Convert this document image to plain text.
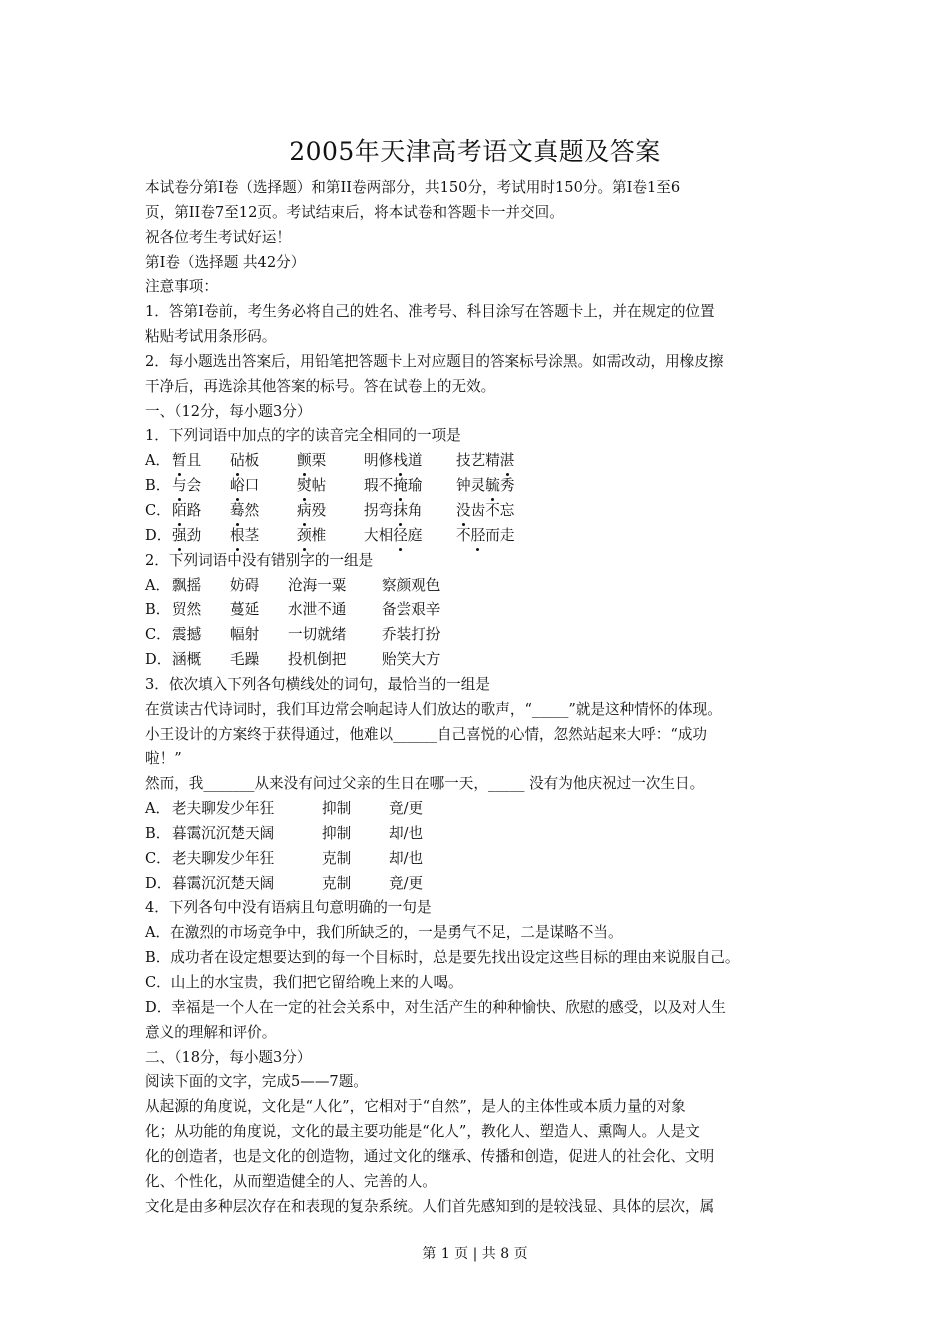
2005年天津高考语文真题及答案

本试卷分第Ⅰ卷（选择题）和第II卷两部分，共150分，考试用时150分。第Ⅰ卷1至6

页，第II卷7至12页。考试结束后，将本试卷和答题卡一并交回。

祝各位考生考试好运！

第Ⅰ卷（选择题 共42分）

注意事项：

1．答第Ⅰ卷前，考生务必将自己的姓名、准考号、科目涂写在答题卡上，并在规定的位置

粘贴考试用条形码。

2．每小题选出答案后，用铅笔把答题卡上对应题目的答案标号涂黑。如需改动，用橡皮擦

干净后，再选涂其他答案的标号。答在试卷上的无效。

一、（12分，每小题3分）

1．下列词语中加点的字的读音完全相同的一项是

A． 暂且	砧板	颤栗	明修栈道	技艺精湛

B． 与会	峪口	熨帖	瑕不掩瑜	钟灵毓秀

C． 陌路	蓦然	病殁	拐弯抹角	没齿不忘

D． 强劲	根茎	颈椎	大相径庭	不胫而走

2．下列词语中没有错别字的一组是

A． 飘摇	妨碍	沧海一粟	察颜观色

B． 贸然	蔓延	水泄不通	备尝艰辛

C． 震撼	幅射	一切就绪	乔装打扮

D． 涵概	毛躁	投机倒把	贻笑大方

3．依次填入下列各句横线处的词句，最恰当的一组是

在赏读古代诗词时，我们耳边常会响起诗人们放达的歌声，“_____”就是这种情怀的体现。

小王设计的方案终于获得通过，他难以______自己喜悦的心情，忽然站起来大呼：“成功

啦！”

然而，我_______从来没有问过父亲的生日在哪一天，_____ 没有为他庆祝过一次生日。

A． 老夫聊发少年狂	抑制	竟/更

B． 暮霭沉沉楚天阔	抑制	却/也

C． 老夫聊发少年狂	克制	却/也

D． 暮霭沉沉楚天阔	克制	竟/更

4．下列各句中没有语病且句意明确的一句是

A．在激烈的市场竞争中，我们所缺乏的，一是勇气不足，二是谋略不当。

B．成功者在设定想要达到的每一个目标时，总是要先找出设定这些目标的理由来说服自己。

C．山上的水宝贵，我们把它留给晚上来的人喝。

D．幸福是一个人在一定的社会关系中，对生活产生的种种愉快、欣慰的感受，以及对人生

意义的理解和评价。

二、（18分，每小题3分）

阅读下面的文字，完成5——7题。

从起源的角度说，文化是“人化”，它相对于“自然”，是人的主体性或本质力量的对象

化；从功能的角度说，文化的最主要功能是“化人”，教化人、塑造人、熏陶人。人是文

化的创造者，也是文化的创造物，通过文化的继承、传播和创造，促进人的社会化、文明

化、个性化，从而塑造健全的人、完善的人。

文化是由多种层次存在和表现的复杂系统。人们首先感知到的是较浅显、具体的层次，属

第 1 页 | 共 8 页
